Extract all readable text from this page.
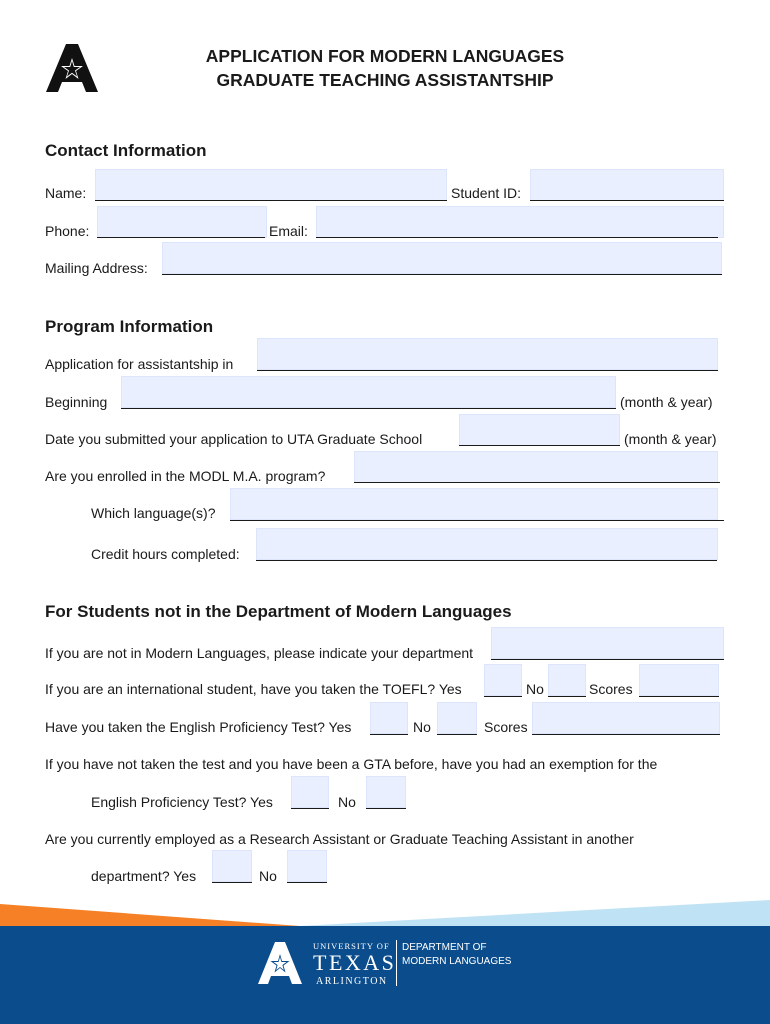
APPLICATION FOR MODERN LANGUAGES
GRADUATE TEACHING ASSISTANTSHIP
Contact Information
Name:	Student ID:
Phone:	Email:
Mailing Address:
Program Information
Application for assistantship in
Beginning	(month & year)
Date you submitted your application to UTA Graduate School	(month & year)
Are you enrolled in the MODL M.A. program?
Which language(s)?
Credit hours completed:
For Students not in the Department of Modern Languages
If you are not in Modern Languages, please indicate your department
If you are an international student, have you taken the TOEFL? Yes	No	Scores
Have you taken the English Proficiency Test? Yes	No	Scores
If you have not taken the test and you have been a GTA before, have you had an exemption for the
English Proficiency Test? Yes	No
Are you currently employed as a Research Assistant or Graduate Teaching Assistant in another
department? Yes	No
UNIVERSITY OF
TEXAS
ARLINGTON
DEPARTMENT OF
MODERN LANGUAGES
